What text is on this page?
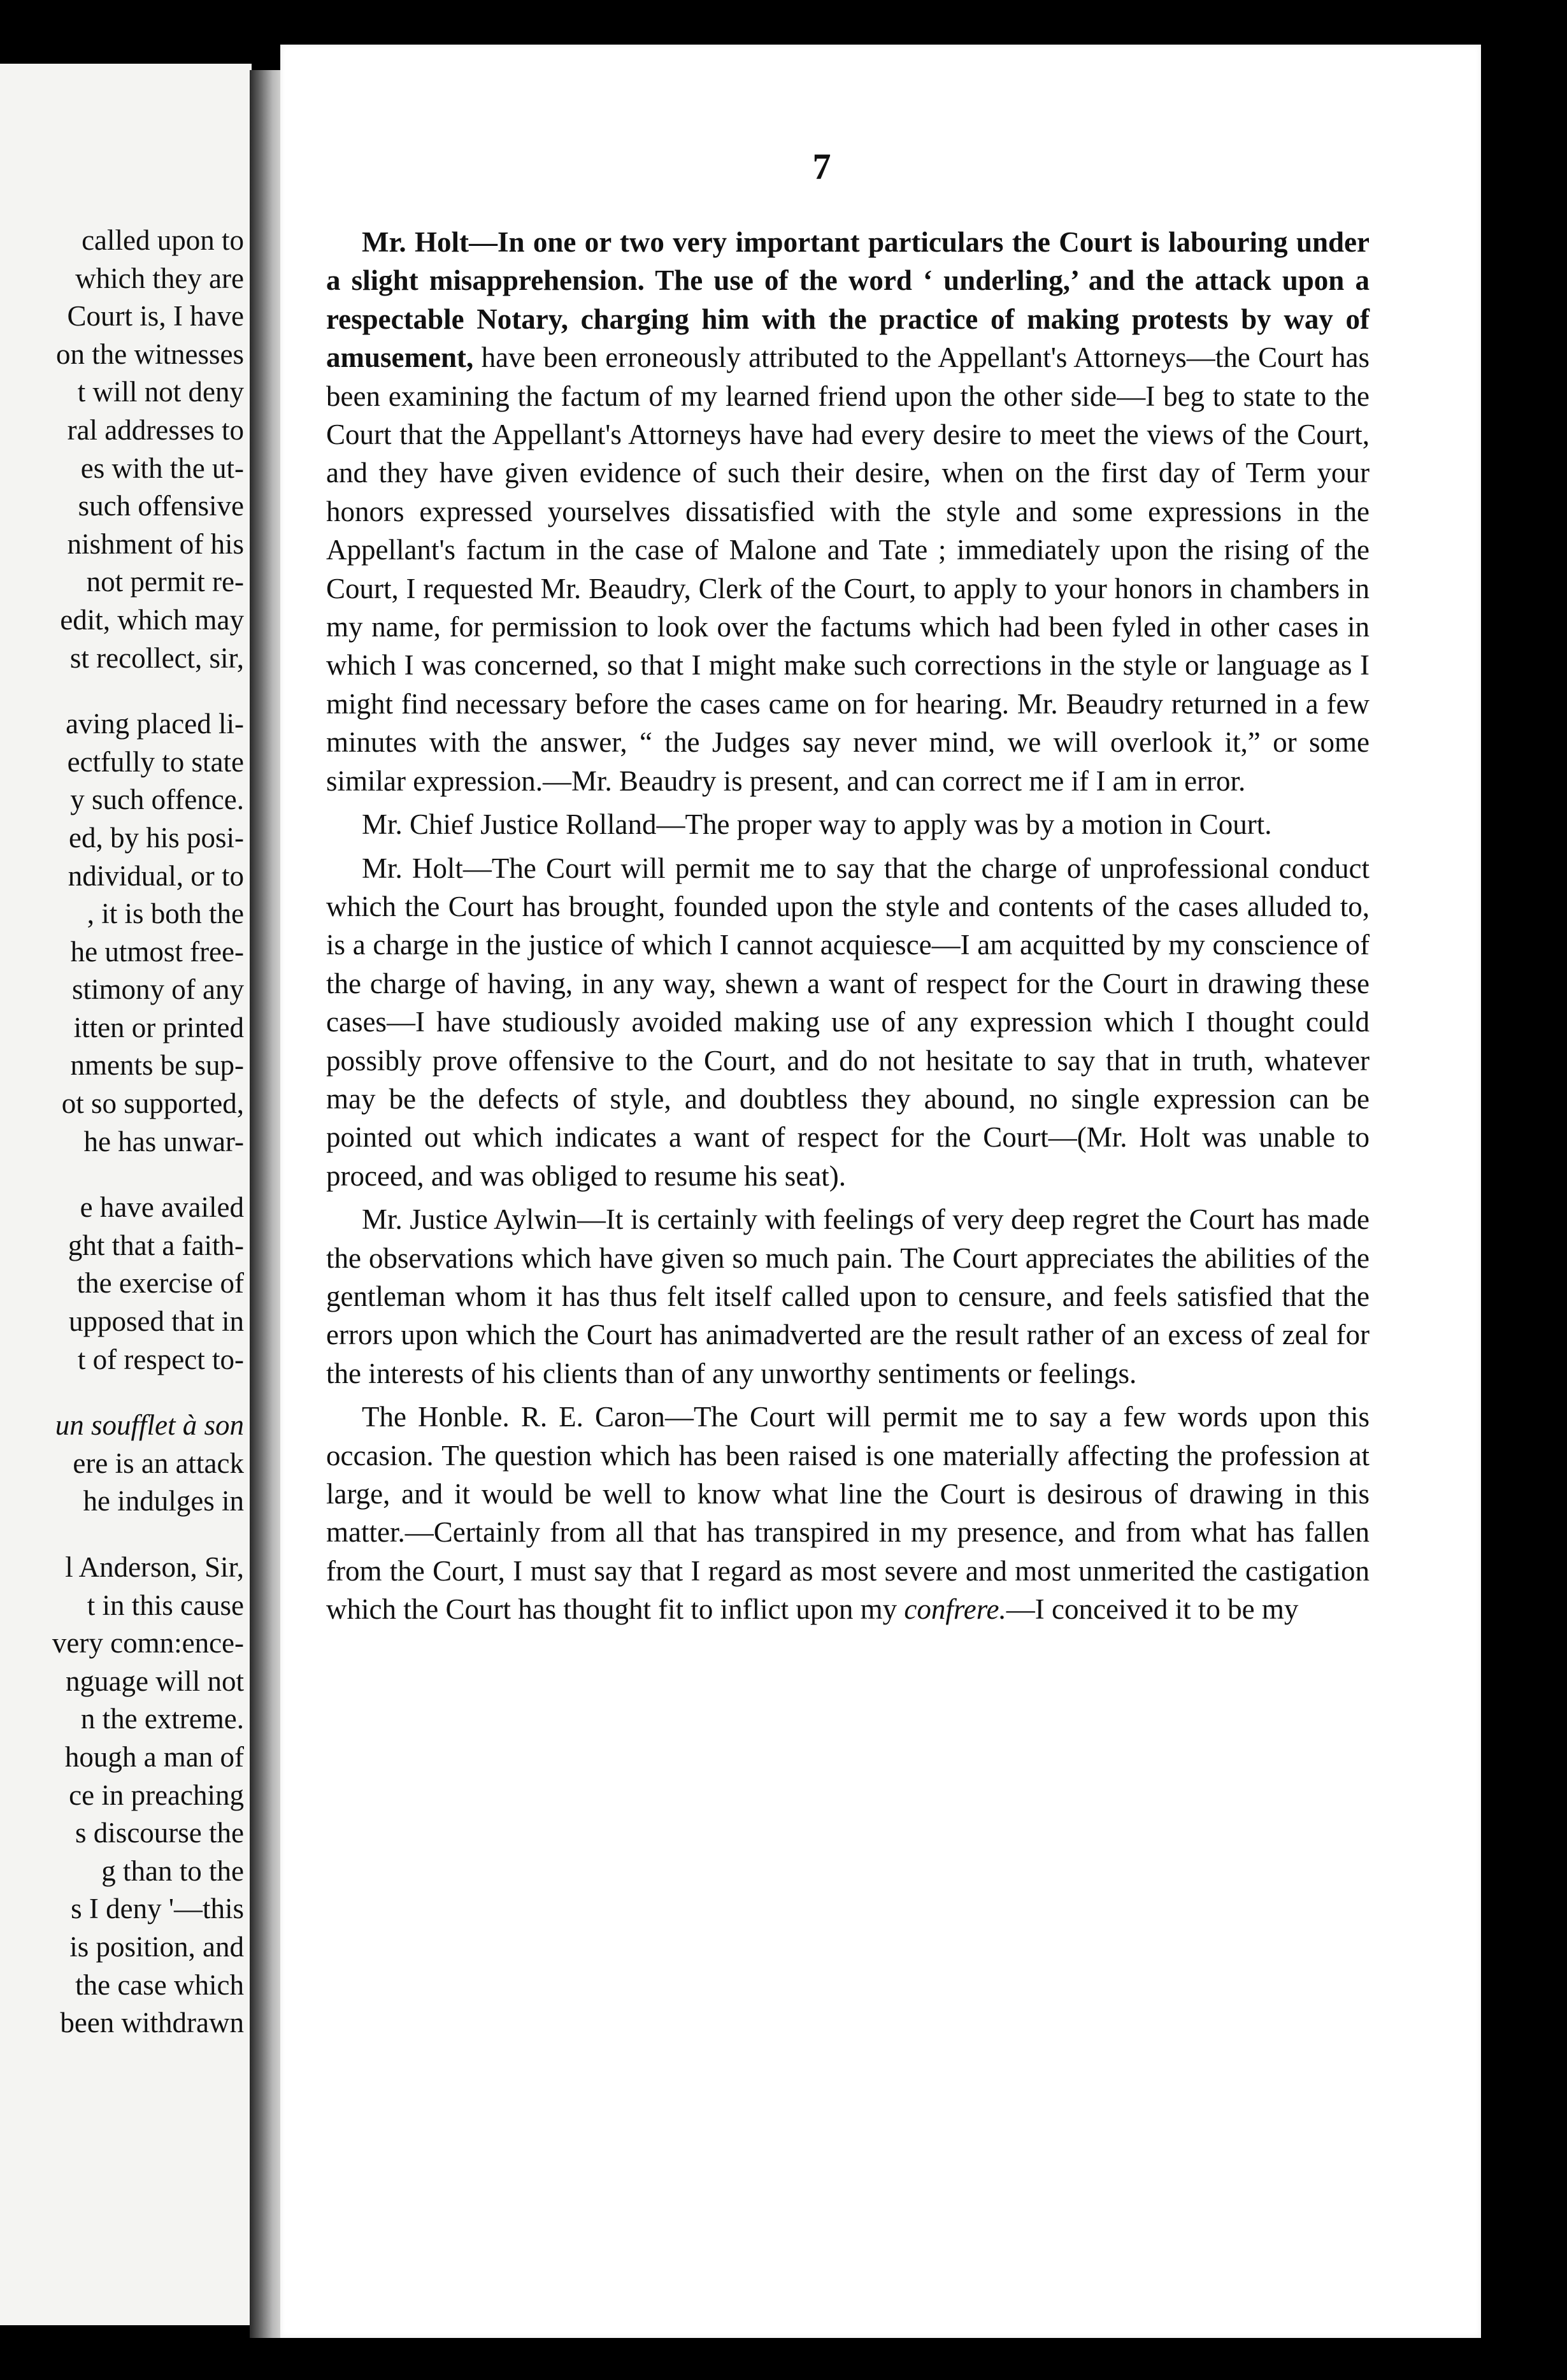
called upon to
which they are
Court is, I have
on the witnesses
t will not deny
ral addresses to
es with the ut-
such offensive
nishment of his
not permit re-
edit, which may
st recollect, sir,

aving placed li-
ectfully to state
y such offence.
ed, by his posi-
ndividual, or to
, it is both the
he utmost free-
stimony of any
itten or printed
nments be sup-
ot so supported,
he has unwar-

e have availed
ght that a faith-
the exercise of
upposed that in
t of respect to-

un soufflet à son
ere is an attack
he indulges in

l Anderson, Sir,
t in this cause
very comn:ence-
nguage will not
n the extreme.
hough a man of
ce in preaching
s discourse the
g than to the
s I deny '—this
is position, and
the case which
been withdrawn
7

Mr. Holt—In one or two very important particulars the Court is labouring under a slight misapprehension. The use of the word ‘ underling,’ and the attack upon a respectable Notary, charging him with the practice of making protests by way of amusement, have been erroneously attributed to the Appellant's Attorneys—the Court has been examining the factum of my learned friend upon the other side—I beg to state to the Court that the Appellant's Attorneys have had every desire to meet the views of the Court, and they have given evidence of such their desire, when on the first day of Term your honors expressed yourselves dissatisfied with the style and some expressions in the Appellant's factum in the case of Malone and Tate ; immediately upon the rising of the Court, I requested Mr. Beaudry, Clerk of the Court, to apply to your honors in chambers in my name, for permission to look over the factums which had been fyled in other cases in which I was concerned, so that I might make such corrections in the style or language as I might find necessary before the cases came on for hearing. Mr. Beaudry returned in a few minutes with the answer, “ the Judges say never mind, we will overlook it,” or some similar expression.—Mr. Beaudry is present, and can correct me if I am in error.

Mr. Chief Justice Rolland—The proper way to apply was by a motion in Court.

Mr. Holt—The Court will permit me to say that the charge of unprofessional conduct which the Court has brought, founded upon the style and contents of the cases alluded to, is a charge in the justice of which I cannot acquiesce—I am acquitted by my conscience of the charge of having, in any way, shewn a want of respect for the Court in drawing these cases—I have studiously avoided making use of any expression which I thought could possibly prove offensive to the Court, and do not hesitate to say that in truth, whatever may be the defects of style, and doubtless they abound, no single expression can be pointed out which indicates a want of respect for the Court—(Mr. Holt was unable to proceed, and was obliged to resume his seat).

Mr. Justice Aylwin—It is certainly with feelings of very deep regret the Court has made the observations which have given so much pain. The Court appreciates the abilities of the gentleman whom it has thus felt itself called upon to censure, and feels satisfied that the errors upon which the Court has animadverted are the result rather of an excess of zeal for the interests of his clients than of any unworthy sentiments or feelings.

The Honble. R. E. Caron—The Court will permit me to say a few words upon this occasion. The question which has been raised is one materially affecting the profession at large, and it would be well to know what line the Court is desirous of drawing in this matter.—Certainly from all that has transpired in my presence, and from what has fallen from the Court, I must say that I regard as most severe and most unmerited the castigation which the Court has thought fit to inflict upon my confrere.—I conceived it to be my
